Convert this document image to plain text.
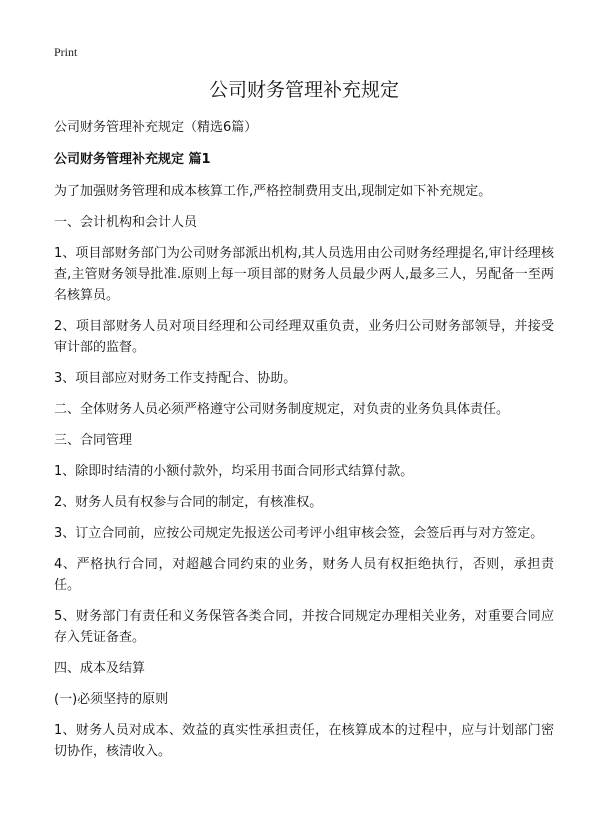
Print
公司财务管理补充规定
公司财务管理补充规定（精选6篇）
公司财务管理补充规定 篇1

为了加强财务管理和成本核算工作,严格控制费用支出,现制定如下补充规定。

一、会计机构和会计人员

1、项目部财务部门为公司财务部派出机构,其人员选用由公司财务经理提名,审计经理核查,主管财务领导批准.原则上每一项目部的财务人员最少两人,最多三人，另配备一至两名核算员。

2、项目部财务人员对项目经理和公司经理双重负责，业务归公司财务部领导，并接受审计部的监督。

3、项目部应对财务工作支持配合、协助。

二、全体财务人员必须严格遵守公司财务制度规定，对负责的业务负具体责任。

三、合同管理

1、除即时结清的小额付款外，均采用书面合同形式结算付款。

2、财务人员有权参与合同的制定，有核准权。

3、订立合同前，应按公司规定先报送公司考评小组审核会签，会签后再与对方签定。

4、严格执行合同，对超越合同约束的业务，财务人员有权拒绝执行，否则，承担责任。

5、财务部门有责任和义务保管各类合同，并按合同规定办理相关业务，对重要合同应存入凭证备查。

四、成本及结算

(一)必须坚持的原则

1、财务人员对成本、效益的真实性承担责任，在核算成本的过程中，应与计划部门密切协作，核清收入。
